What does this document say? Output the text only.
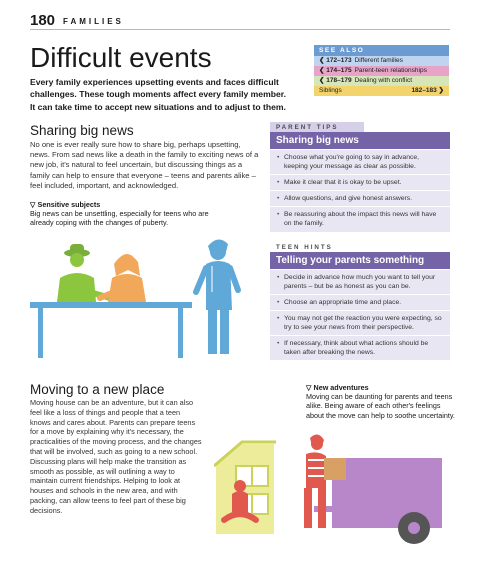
180 FAMILIES
Difficult events
Every family experiences upsetting events and faces difficult challenges. These tough moments affect every family member. It can take time to accept new situations and to adjust to them.
SEE ALSO
❮ 172–173 Different families
❮ 174–175 Parent-teen relationships
❮ 178–179 Dealing with conflict
Siblings	182–183 ❯
Sharing big news
No one is ever really sure how to share big, perhaps upsetting, news. From sad news like a death in the family to exciting news of a new job, it's natural to feel uncertain, but discussing things as a family can help to ensure that everyone – teens and parents alike – feel included, important, and acknowledged.
▽ Sensitive subjects
Big news can be unsettling, especially for teens who are already coping with the changes of puberty.
PARENT TIPS
Sharing big news
• Choose what you're going to say in advance, keeping your message as clear as possible.
• Make it clear that it is okay to be upset.
• Allow questions, and give honest answers.
• Be reassuring about the impact this news will have on the family.
TEEN HINTS
Telling your parents something
• Decide in advance how much you want to tell your parents – but be as honest as you can be.
• Choose an appropriate time and place.
• You may not get the reaction you were expecting, so try to see your news from their perspective.
• If necessary, think about what actions should be taken after breaking the news.
Moving to a new place
Moving house can be an adventure, but it can also feel like a loss of things and people that a teen knows and cares about. Parents can prepare teens for a move by explaining why it's necessary, the practicalities of the moving process, and the changes that will be involved, such as going to a new school. Discussing plans will help make the transition as smooth as possible, as will outlining a way to maintain current friendships. Helping to look at houses and schools in the new area, and with packing, can allow teens to feel part of these big decisions.
▽ New adventures
Moving can be daunting for parents and teens alike. Being aware of each other's feelings about the move can help to soothe uncertainty.
